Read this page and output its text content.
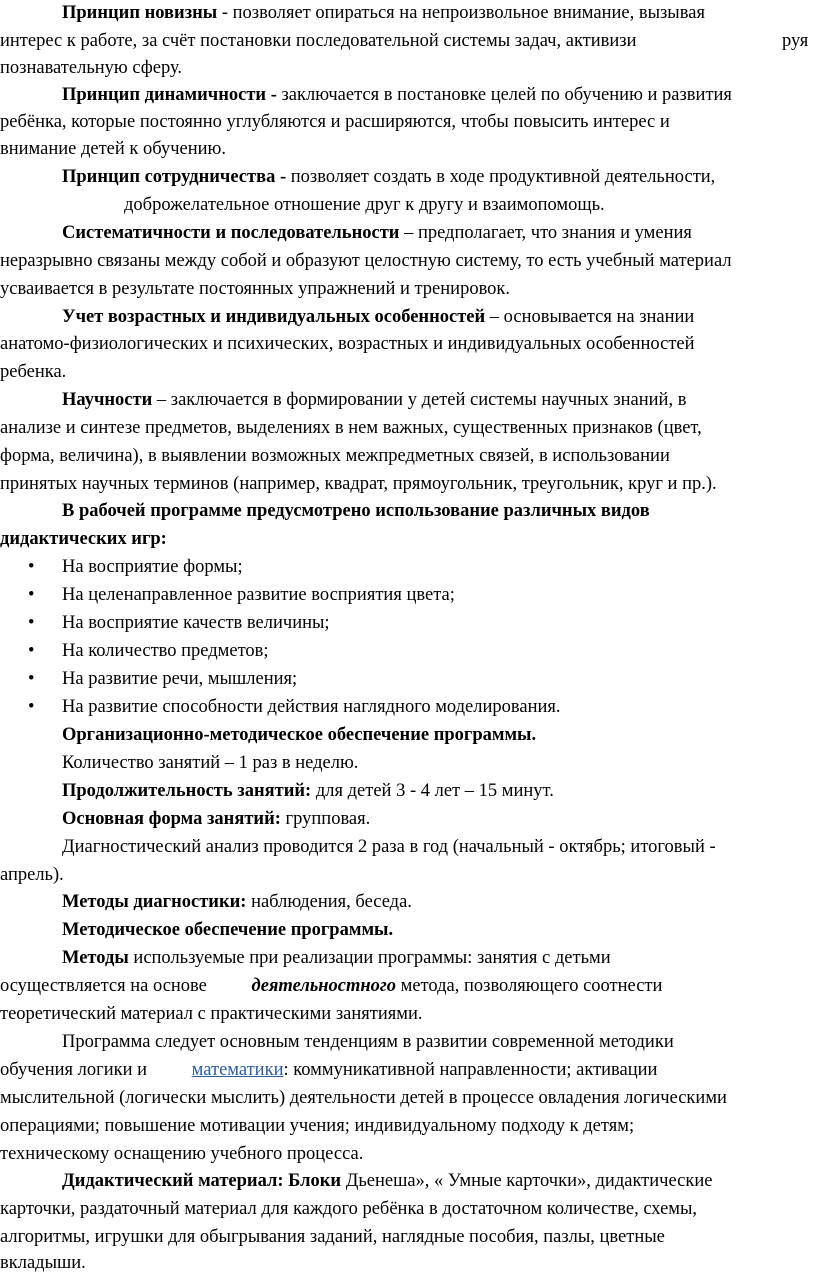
Принцип новизны - позволяет опираться на непроизвольное внимание, вызывая
интерес к работе, за счёт постановки последовательной системы задач, активизи	руя
познавательную сферу.
Принцип динамичности - заключается в постановке целей по обучению и развития
ребёнка, которые постоянно углубляются и расширяются, чтобы повысить интерес и
внимание детей к обучению.
Принцип сотрудничества - позволяет создать в ходе продуктивной деятельности,
доброжелательное отношение друг к другу и взаимопомощь.
Систематичности и последовательности – предполагает, что знания и умения
неразрывно связаны между собой и образуют целостную систему, то есть учебный материал
усваивается в результате постоянных упражнений и тренировок.
Учет возрастных и индивидуальных особенностей – основывается на знании
анатомо-физиологических и психических, возрастных и индивидуальных особенностей
ребенка.
Научности – заключается в формировании у детей системы научных знаний, в
анализе и синтезе предметов, выделениях в нем важных, существенных признаков (цвет,
форма, величина), в выявлении возможных межпредметных связей, в использовании
принятых научных терминов (например, квадрат, прямоугольник, треугольник, круг и пр.).
В рабочей программе предусмотрено использование различных видов
дидактических игр:
• На восприятие формы;
• На целенаправленное развитие восприятия цвета;
• На восприятие качеств величины;
• На количество предметов;
• На развитие речи, мышления;
• На развитие способности действия наглядного моделирования.
Организационно-методическое обеспечение программы.
Количество занятий – 1 раз в неделю.
Продолжительность занятий: для детей 3 - 4 лет – 15 минут.
Основная форма занятий: групповая.
Диагностический анализ проводится 2 раза в год (начальный - октябрь; итоговый -
апрель).
Методы диагностики: наблюдения, беседа.
Методическое обеспечение программы.
Методы используемые при реализации программы: занятия с детьми
осуществляется на основе деятельностного метода, позволяющего соотнести
теоретический материал с практическими занятиями.
Программа следует основным тенденциям в развитии современной методики
обучения логики и математики: коммуникативной направленности; активации
мыслительной (логически мыслить) деятельности детей в процессе овладения логическими
операциями; повышение мотивации учения; индивидуальному подходу к детям;
техническому оснащению учебного процесса.
Дидактический материал: Блоки Дьенеша», « Умные карточки», дидактические
карточки, раздаточный материал для каждого ребёнка в достаточном количестве, схемы,
алгоритмы, игрушки для обыгрывания заданий, наглядные пособия, пазлы, цветные
вкладыши.
